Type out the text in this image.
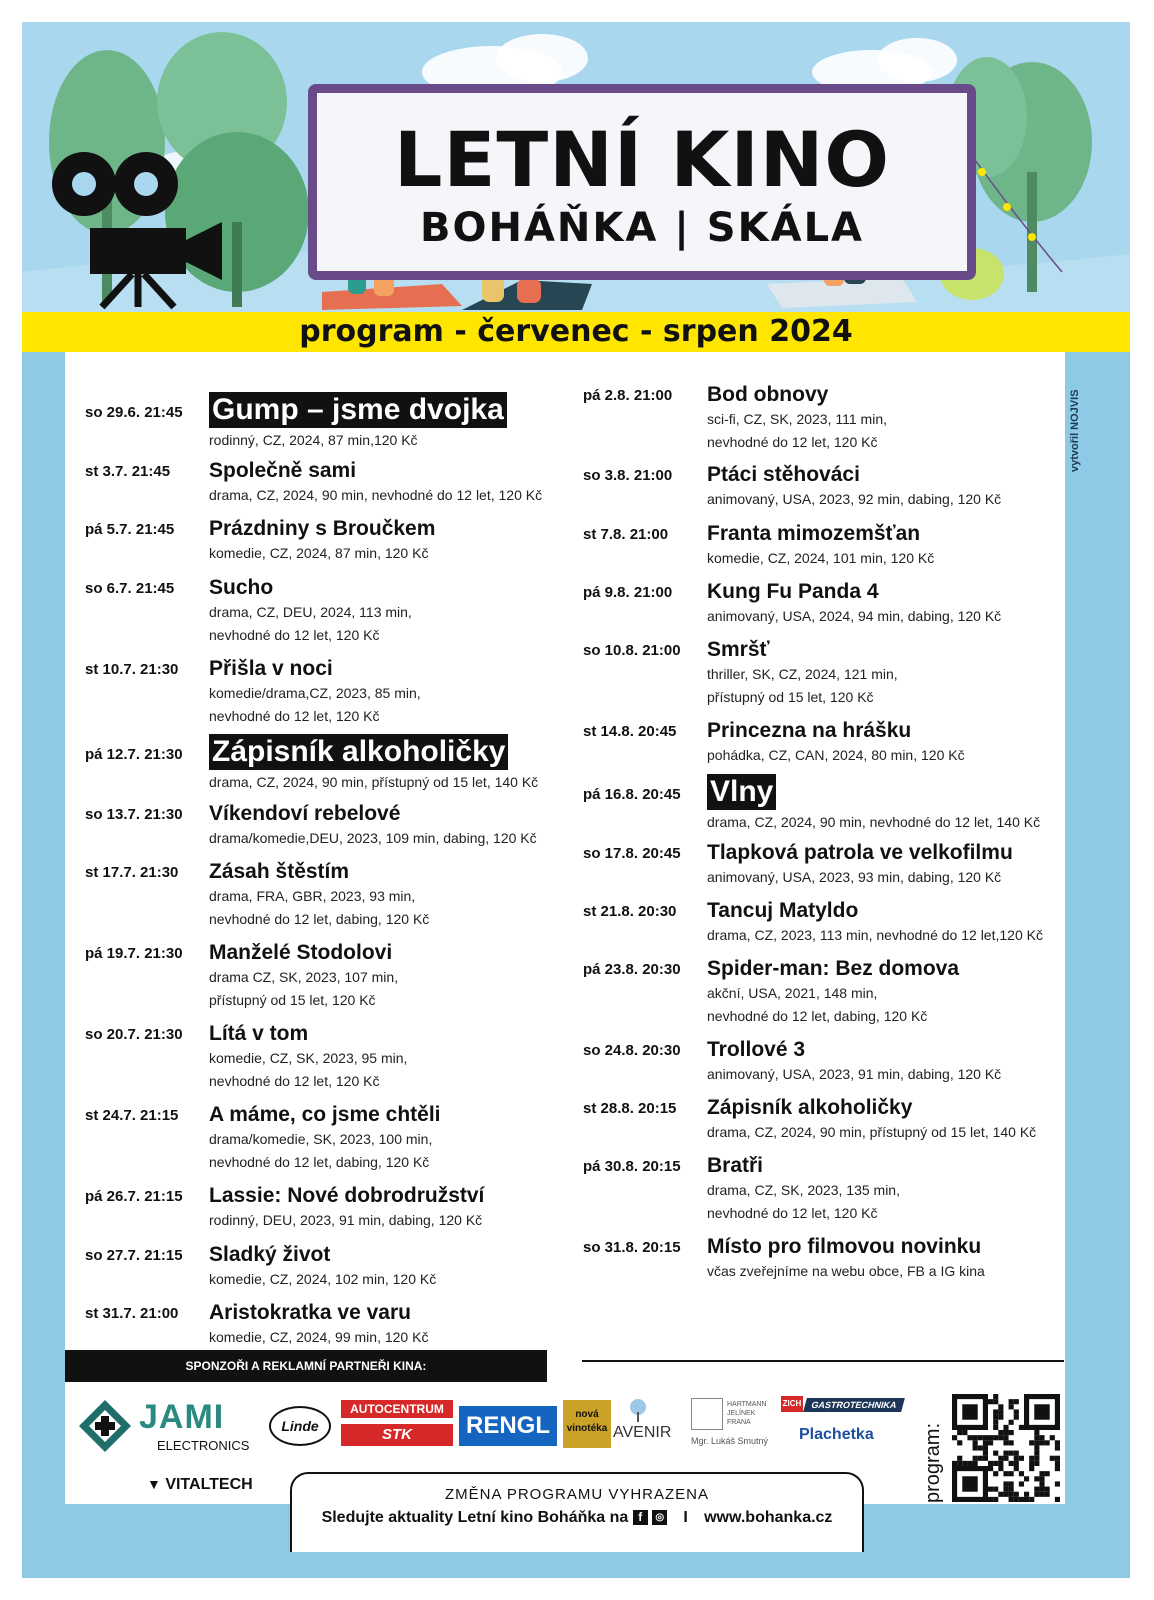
LETNÍ KINO
BOHÁŇKA | SKÁLA
program - červenec - srpen 2024
vytvořil NOJVIS
so 29.6. 21:45 Gump – jsme dvojka
rodinný, CZ, 2024, 87 min,120 Kč
st 3.7. 21:45 Společně sami
drama, CZ, 2024, 90 min, nevhodné do 12 let, 120 Kč
pá 5.7. 21:45 Prázdniny s Broučkem
komedie, CZ, 2024, 87 min, 120 Kč
so 6.7. 21:45 Sucho
drama, CZ, DEU, 2024, 113 min,
nevhodné do 12 let, 120 Kč
st 10.7. 21:30 Přišla v noci
komedie/drama,CZ, 2023, 85 min,
nevhodné do 12 let, 120 Kč
pá 12.7. 21:30 Zápisník alkoholičky
drama, CZ, 2024, 90 min, přístupný od 15 let, 140 Kč
so 13.7. 21:30 Víkendoví rebelové
drama/komedie,DEU, 2023, 109 min, dabing, 120 Kč
st 17.7. 21:30 Zásah štěstím
drama, FRA, GBR, 2023, 93 min,
nevhodné do 12 let, dabing, 120 Kč
pá 19.7. 21:30 Manželé Stodolovi
drama CZ, SK, 2023, 107 min,
přístupný od 15 let, 120 Kč
so 20.7. 21:30 Lítá v tom
komedie, CZ, SK, 2023, 95 min,
nevhodné do 12 let, 120 Kč
st 24.7. 21:15 A máme, co jsme chtěli
drama/komedie, SK, 2023, 100 min,
nevhodné do 12 let, dabing, 120 Kč
pá 26.7. 21:15 Lassie: Nové dobrodružství
rodinný, DEU, 2023, 91 min, dabing, 120 Kč
so 27.7. 21:15 Sladký život
komedie, CZ, 2024, 102 min, 120 Kč
st 31.7. 21:00 Aristokratka ve varu
komedie, CZ, 2024, 99 min, 120 Kč
pá 2.8. 21:00 Bod obnovy
sci-fi, CZ, SK, 2023, 111 min,
nevhodné do 12 let, 120 Kč
so 3.8. 21:00 Ptáci stěhováci
animovaný, USA, 2023, 92 min, dabing, 120 Kč
st 7.8. 21:00 Franta mimozemšťan
komedie, CZ, 2024, 101 min, 120 Kč
pá 9.8. 21:00 Kung Fu Panda 4
animovaný, USA, 2024, 94 min, dabing, 120 Kč
so 10.8. 21:00 Smršť
thriller, SK, CZ, 2024, 121 min,
přístupný od 15 let, 120 Kč
st 14.8. 20:45 Princezna na hrášku
pohádka, CZ, CAN, 2024, 80 min, 120 Kč
pá 16.8. 20:45 Vlny
drama, CZ, 2024, 90 min, nevhodné do 12 let, 140 Kč
so 17.8. 20:45 Tlapková patrola ve velkofilmu
animovaný, USA, 2023, 93 min, dabing, 120 Kč
st 21.8. 20:30 Tancuj Matyldo
drama, CZ, 2023, 113 min, nevhodné do 12 let,120 Kč
pá 23.8. 20:30 Spider-man: Bez domova
akční, USA, 2021, 148 min,
nevhodné do 12 let, dabing, 120 Kč
so 24.8. 20:30 Trollové 3
animovaný, USA, 2023, 91 min, dabing, 120 Kč
st 28.8. 20:15 Zápisník alkoholičky
drama, CZ, 2024, 90 min, přístupný od 15 let, 140 Kč
pá 30.8. 20:15 Bratři
drama, CZ, SK, 2023, 135 min,
nevhodné do 12 let, 120 Kč
so 31.8. 20:15 Místo pro filmovou novinku
včas zveřejníme na webu obce, FB a IG kina
SPONZOŘI A REKLAMNÍ PARTNEŘI KINA:
JAMI
ELECTRONICS
▼ VITALTECH
Linde
AUTOCENTRUM
STK	RENGL	nová vinotéka AVENIR
HARTMANN JELÍNEK FRANA
Mgr. Lukáš Smutný
ZICH GASTROTECHNIKA
Plachetka
ZMĚNA PROGRAMU VYHRAZENA
Sledujte aktuality Letní kino Boháňka na f ◎ I www.bohanka.cz
program:
